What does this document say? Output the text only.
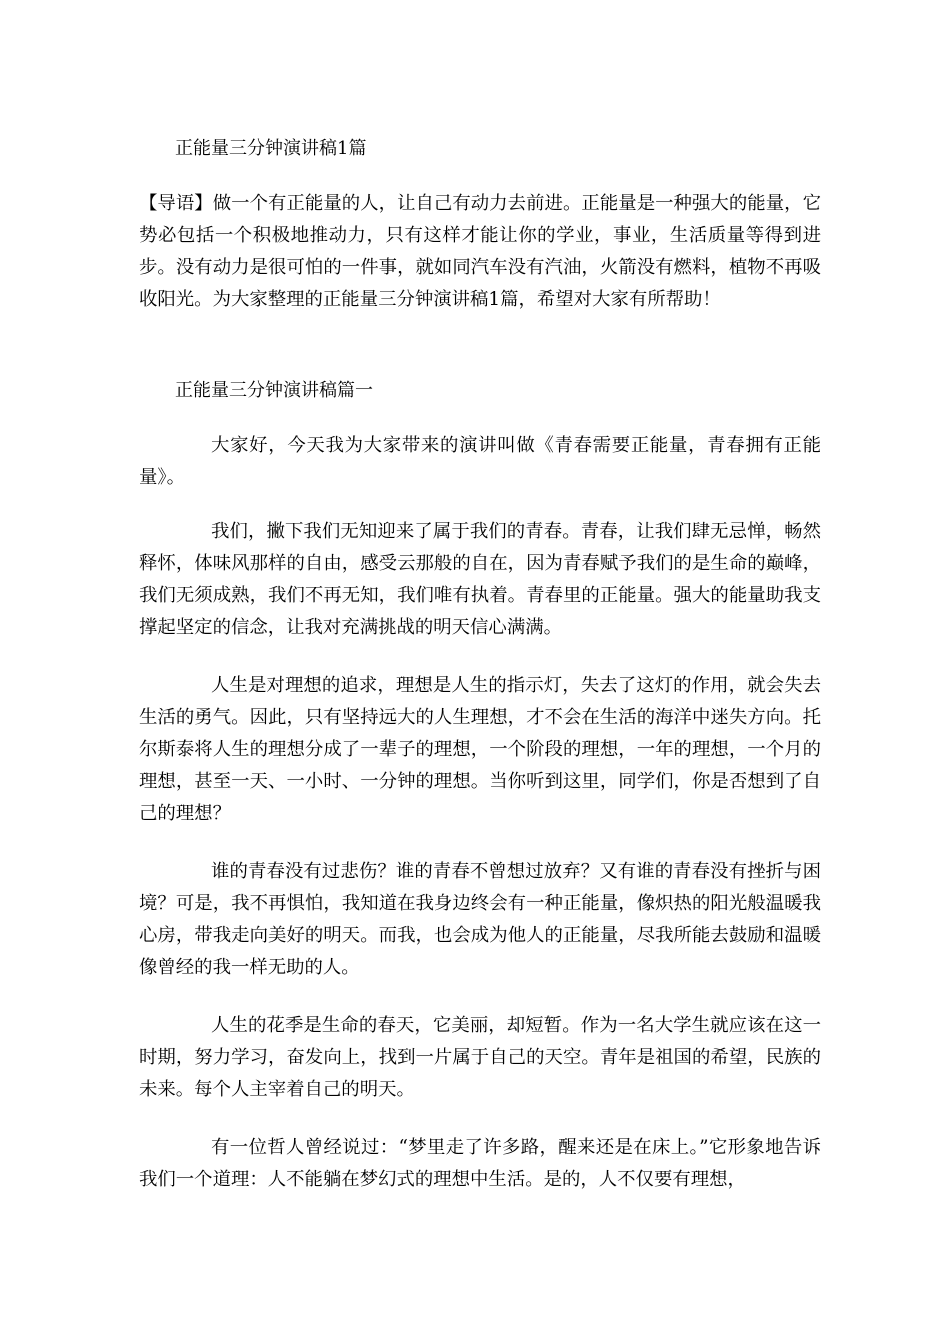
正能量三分钟演讲稿1篇
【导语】做一个有正能量的人，让自己有动力去前进。正能量是一种强大的能量，它势必包括一个积极地推动力，只有这样才能让你的学业，事业，生活质量等得到进步。没有动力是很可怕的一件事，就如同汽车没有汽油，火箭没有燃料，植物不再吸收阳光。为大家整理的正能量三分钟演讲稿1篇，希望对大家有所帮助！
正能量三分钟演讲稿篇一
大家好，今天我为大家带来的演讲叫做《青春需要正能量，青春拥有正能量》。
我们，撇下我们无知迎来了属于我们的青春。青春，让我们肆无忌惮，畅然释怀，体味风那样的自由，感受云那般的自在，因为青春赋予我们的是生命的巅峰，我们无须成熟，我们不再无知，我们唯有执着。青春里的正能量。强大的能量助我支撑起坚定的信念，让我对充满挑战的明天信心满满。
人生是对理想的追求，理想是人生的指示灯，失去了这灯的作用，就会失去生活的勇气。因此，只有坚持远大的人生理想，才不会在生活的海洋中迷失方向。托尔斯泰将人生的理想分成了一辈子的理想，一个阶段的理想，一年的理想，一个月的理想，甚至一天、一小时、一分钟的理想。当你听到这里，同学们，你是否想到了自己的理想？
谁的青春没有过悲伤？谁的青春不曾想过放弃？又有谁的青春没有挫折与困境？可是，我不再惧怕，我知道在我身边终会有一种正能量，像炽热的阳光般温暖我心房，带我走向美好的明天。而我，也会成为他人的正能量，尽我所能去鼓励和温暖像曾经的我一样无助的人。
人生的花季是生命的春天，它美丽，却短暂。作为一名大学生就应该在这一时期，努力学习，奋发向上，找到一片属于自己的天空。青年是祖国的希望，民族的未来。每个人主宰着自己的明天。
有一位哲人曾经说过：“梦里走了许多路，醒来还是在床上。”它形象地告诉我们一个道理：人不能躺在梦幻式的理想中生活。是的，人不仅要有理想，
